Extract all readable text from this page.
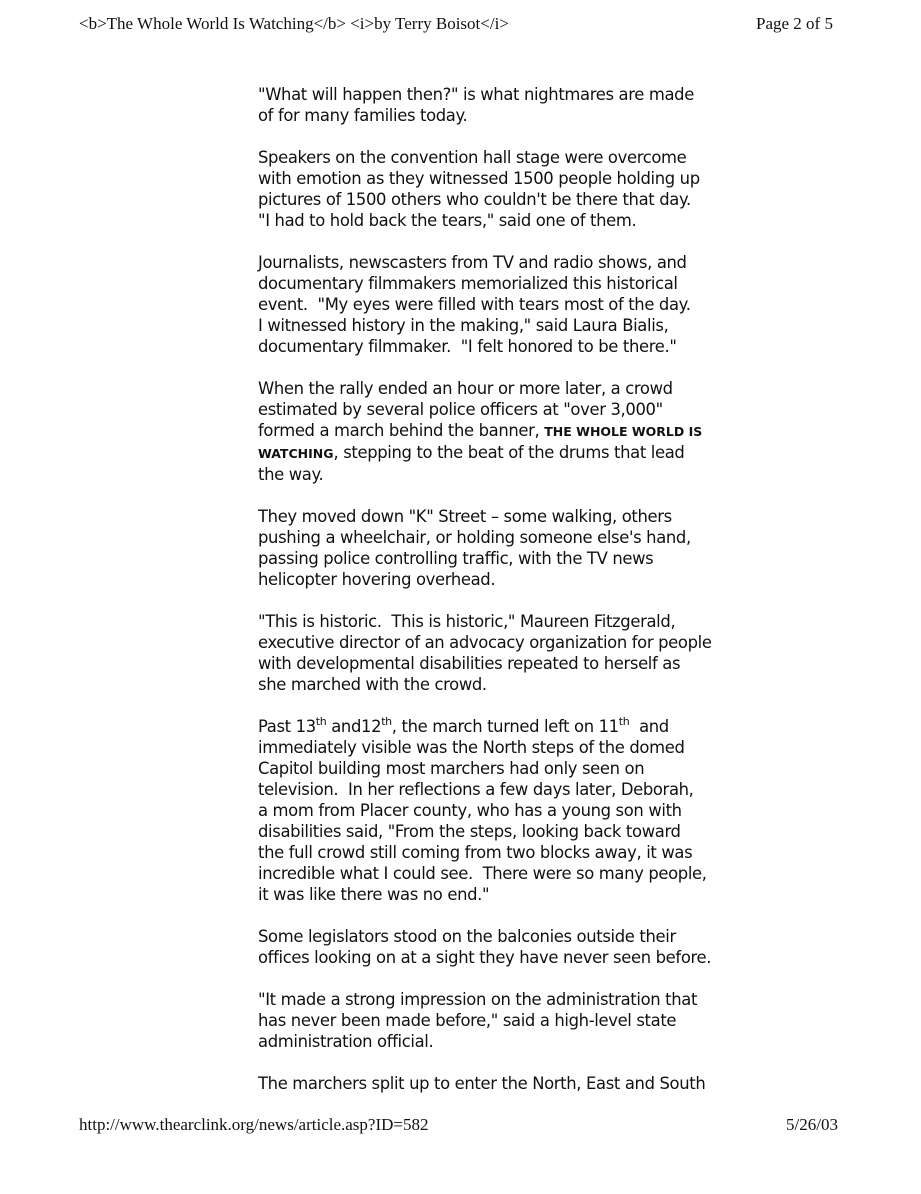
<b>The Whole World Is Watching</b> <i>by Terry Boisot</i>	Page 2 of 5

"What will happen then?" is what nightmares are made
of for many families today.

Speakers on the convention hall stage were overcome
with emotion as they witnessed 1500 people holding up
pictures of 1500 others who couldn't be there that day.
"I had to hold back the tears," said one of them.

Journalists, newscasters from TV and radio shows, and
documentary filmmakers memorialized this historical
event.  "My eyes were filled with tears most of the day.
I witnessed history in the making," said Laura Bialis,
documentary filmmaker.  "I felt honored to be there."

When the rally ended an hour or more later, a crowd
estimated by several police officers at "over 3,000"
formed a march behind the banner, THE WHOLE WORLD IS
WATCHING, stepping to the beat of the drums that lead
the way.

They moved down "K" Street – some walking, others
pushing a wheelchair, or holding someone else's hand,
passing police controlling traffic, with the TV news
helicopter hovering overhead.

"This is historic.  This is historic," Maureen Fitzgerald,
executive director of an advocacy organization for people
with developmental disabilities repeated to herself as
she marched with the crowd.

Past 13th and12th, the march turned left on 11th  and
immediately visible was the North steps of the domed
Capitol building most marchers had only seen on
television.  In her reflections a few days later, Deborah,
a mom from Placer county, who has a young son with
disabilities said, "From the steps, looking back toward
the full crowd still coming from two blocks away, it was
incredible what I could see.  There were so many people,
it was like there was no end."

Some legislators stood on the balconies outside their
offices looking on at a sight they have never seen before.

"It made a strong impression on the administration that
has never been made before," said a high-level state
administration official.

The marchers split up to enter the North, East and South

http://www.thearclink.org/news/article.asp?ID=582	5/26/03
